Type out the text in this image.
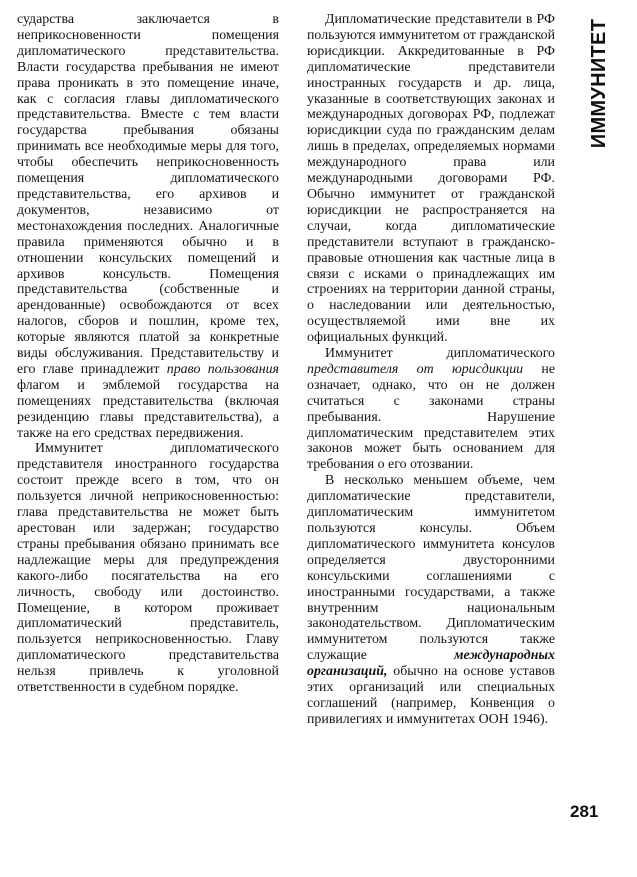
сударства заключается в неприкосновенности помещения дипломатического представительства. Власти государства пребывания не имеют права проникать в это помещение иначе, как с согласия главы дипломатического представительства. Вместе с тем власти государства пребывания обязаны принимать все необходимые меры для того, чтобы обеспечить неприкосновенность помещения дипломатического представительства, его архивов и документов, независимо от местонахождения последних. Аналогичные правила применяются обычно и в отношении консульских помещений и архивов консульств. Помещения представительства (собственные и арендованные) освобождаются от всех налогов, сборов и пошлин, кроме тех, которые являются платой за конкретные виды обслуживания. Представительству и его главе принадлежит право пользования флагом и эмблемой государства на помещениях представительства (включая резиденцию главы представительства), а также на его средствах передвижения.

Иммунитет дипломатического представителя иностранного государства состоит прежде всего в том, что он пользуется личной неприкосновенностью: глава представительства не может быть арестован или задержан; государство страны пребывания обязано принимать все надлежащие меры для предупреждения какого-либо посягательства на его личность, свободу или достоинство. Помещение, в котором проживает дипломатический представитель, пользуется неприкосновенностью. Главу дипломатического представительства нельзя привлечь к уголовной ответственности в судебном порядке.

Дипломатические представители в РФ пользуются иммунитетом от гражданской юрисдикции. Аккредитованные в РФ дипломатические представители иностранных государств и др. лица, указанные в соответствующих законах и международных договорах РФ, подлежат юрисдикции суда по гражданским делам лишь в пределах, определяемых нормами международного права или международными договорами РФ. Обычно иммунитет от гражданской юрисдикции не распространяется на случаи, когда дипломатические представители вступают в гражданско-правовые отношения как частные лица в связи с исками о принадлежащих им строениях на территории данной страны, о наследовании или деятельностью, осуществляемой ими вне их официальных функций.

Иммунитет дипломатического представителя от юрисдикции не означает, однако, что он не должен считаться с законами страны пребывания. Нарушение дипломатическим представителем этих законов может быть основанием для требования о его отозвании.

В несколько меньшем объеме, чем дипломатические представители, дипломатическим иммунитетом пользуются консулы. Объем дипломатического иммунитета консулов определяется двусторонними консульскими соглашениями с иностранными государствами, а также внутренним национальным законодательством. Дипломатическим иммунитетом пользуются также служащие международных организаций, обычно на основе уставов этих организаций или специальных соглашений (например, Конвенция о привилегиях и иммунитетах ООН 1946).

ИММУНИТЕТ
281
